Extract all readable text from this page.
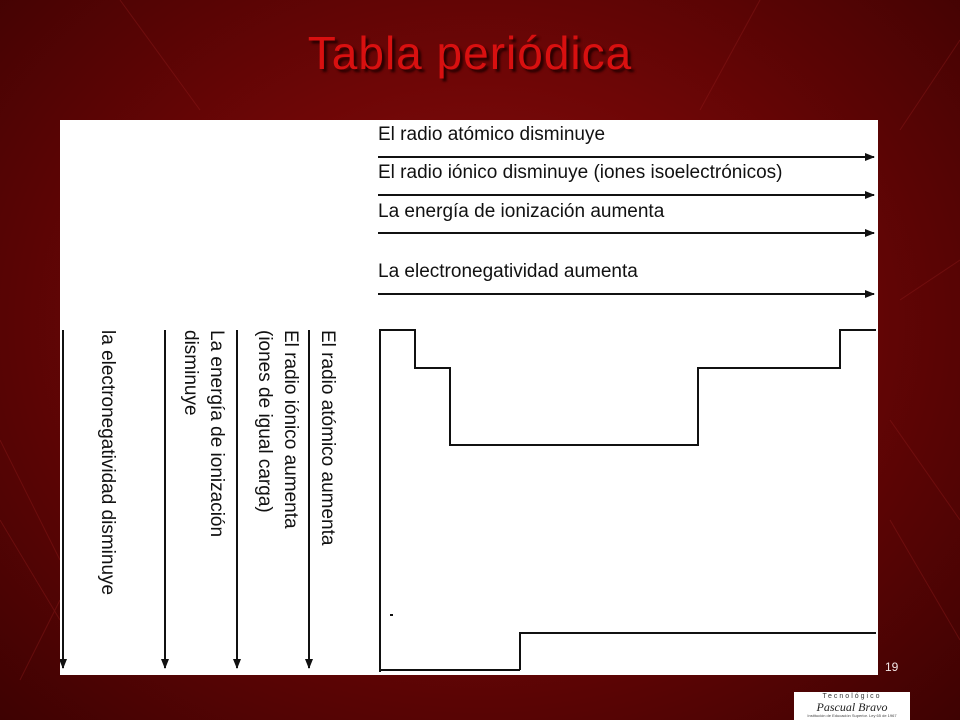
Tabla periódica
El radio atómico disminuye
El radio iónico disminuye (iones isoelectrónicos)
La energía de ionización aumenta
La electronegatividad aumenta
El radio atómico aumenta
El radio iónico aumenta
(iones de igual carga)
La energía de ionización
disminuye
la electronegatividad disminuye
19
Tecnológico
Pascual Bravo
Institución de Educación Superior. Ley 65 de 1967
